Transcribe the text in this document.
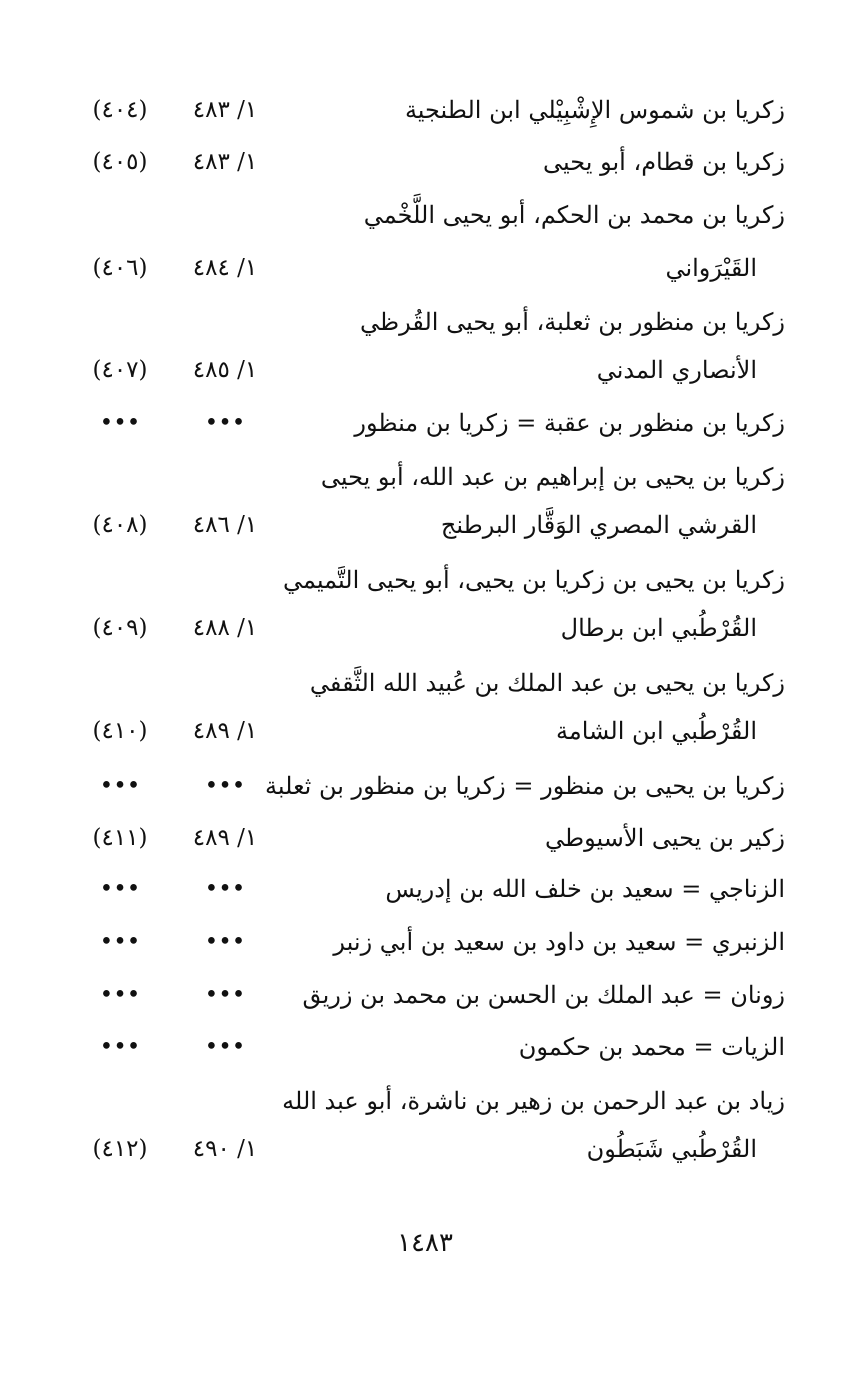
زكريا بن شموس الإِشْبِيْلي ابن الطنجية
١/ ٤٨٣
(٤٠٤)
زكريا بن قطام، أبو يحيى
١/ ٤٨٣
(٤٠٥)
زكريا بن محمد بن الحكم، أبو يحيى اللَّخْمي
القَيْرَواني
١/ ٤٨٤
(٤٠٦)
زكريا بن منظور بن ثعلبة، أبو يحيى القُرظي
الأنصاري المدني
١/ ٤٨٥
(٤٠٧)
زكريا بن منظور بن عقبة = زكريا بن منظور
•••
•••
زكريا بن يحيى بن إبراهيم بن عبد الله، أبو يحيى
القرشي المصري الوَقَّار البرطنج
١/ ٤٨٦
(٤٠٨)
زكريا بن يحيى بن زكريا بن يحيى، أبو يحيى التَّميمي
القُرْطُبي ابن برطال
١/ ٤٨٨
(٤٠٩)
زكريا بن يحيى بن عبد الملك بن عُبيد الله الثَّقفي
القُرْطُبي ابن الشامة
١/ ٤٨٩
(٤١٠)
زكريا بن يحيى بن منظور = زكريا بن منظور بن ثعلبة
•••
•••
زكير بن يحيى الأسيوطي
١/ ٤٨٩
(٤١١)
الزناجي = سعيد بن خلف الله بن إدريس
•••
•••
الزنبري = سعيد بن داود بن سعيد بن أبي زنبر
•••
•••
زونان = عبد الملك بن الحسن بن محمد بن زريق
•••
•••
الزيات = محمد بن حكمون
•••
•••
زياد بن عبد الرحمن بن زهير بن ناشرة، أبو عبد الله
القُرْطُبي شَبَطُون
١/ ٤٩٠
(٤١٢)
١٤٨٣
